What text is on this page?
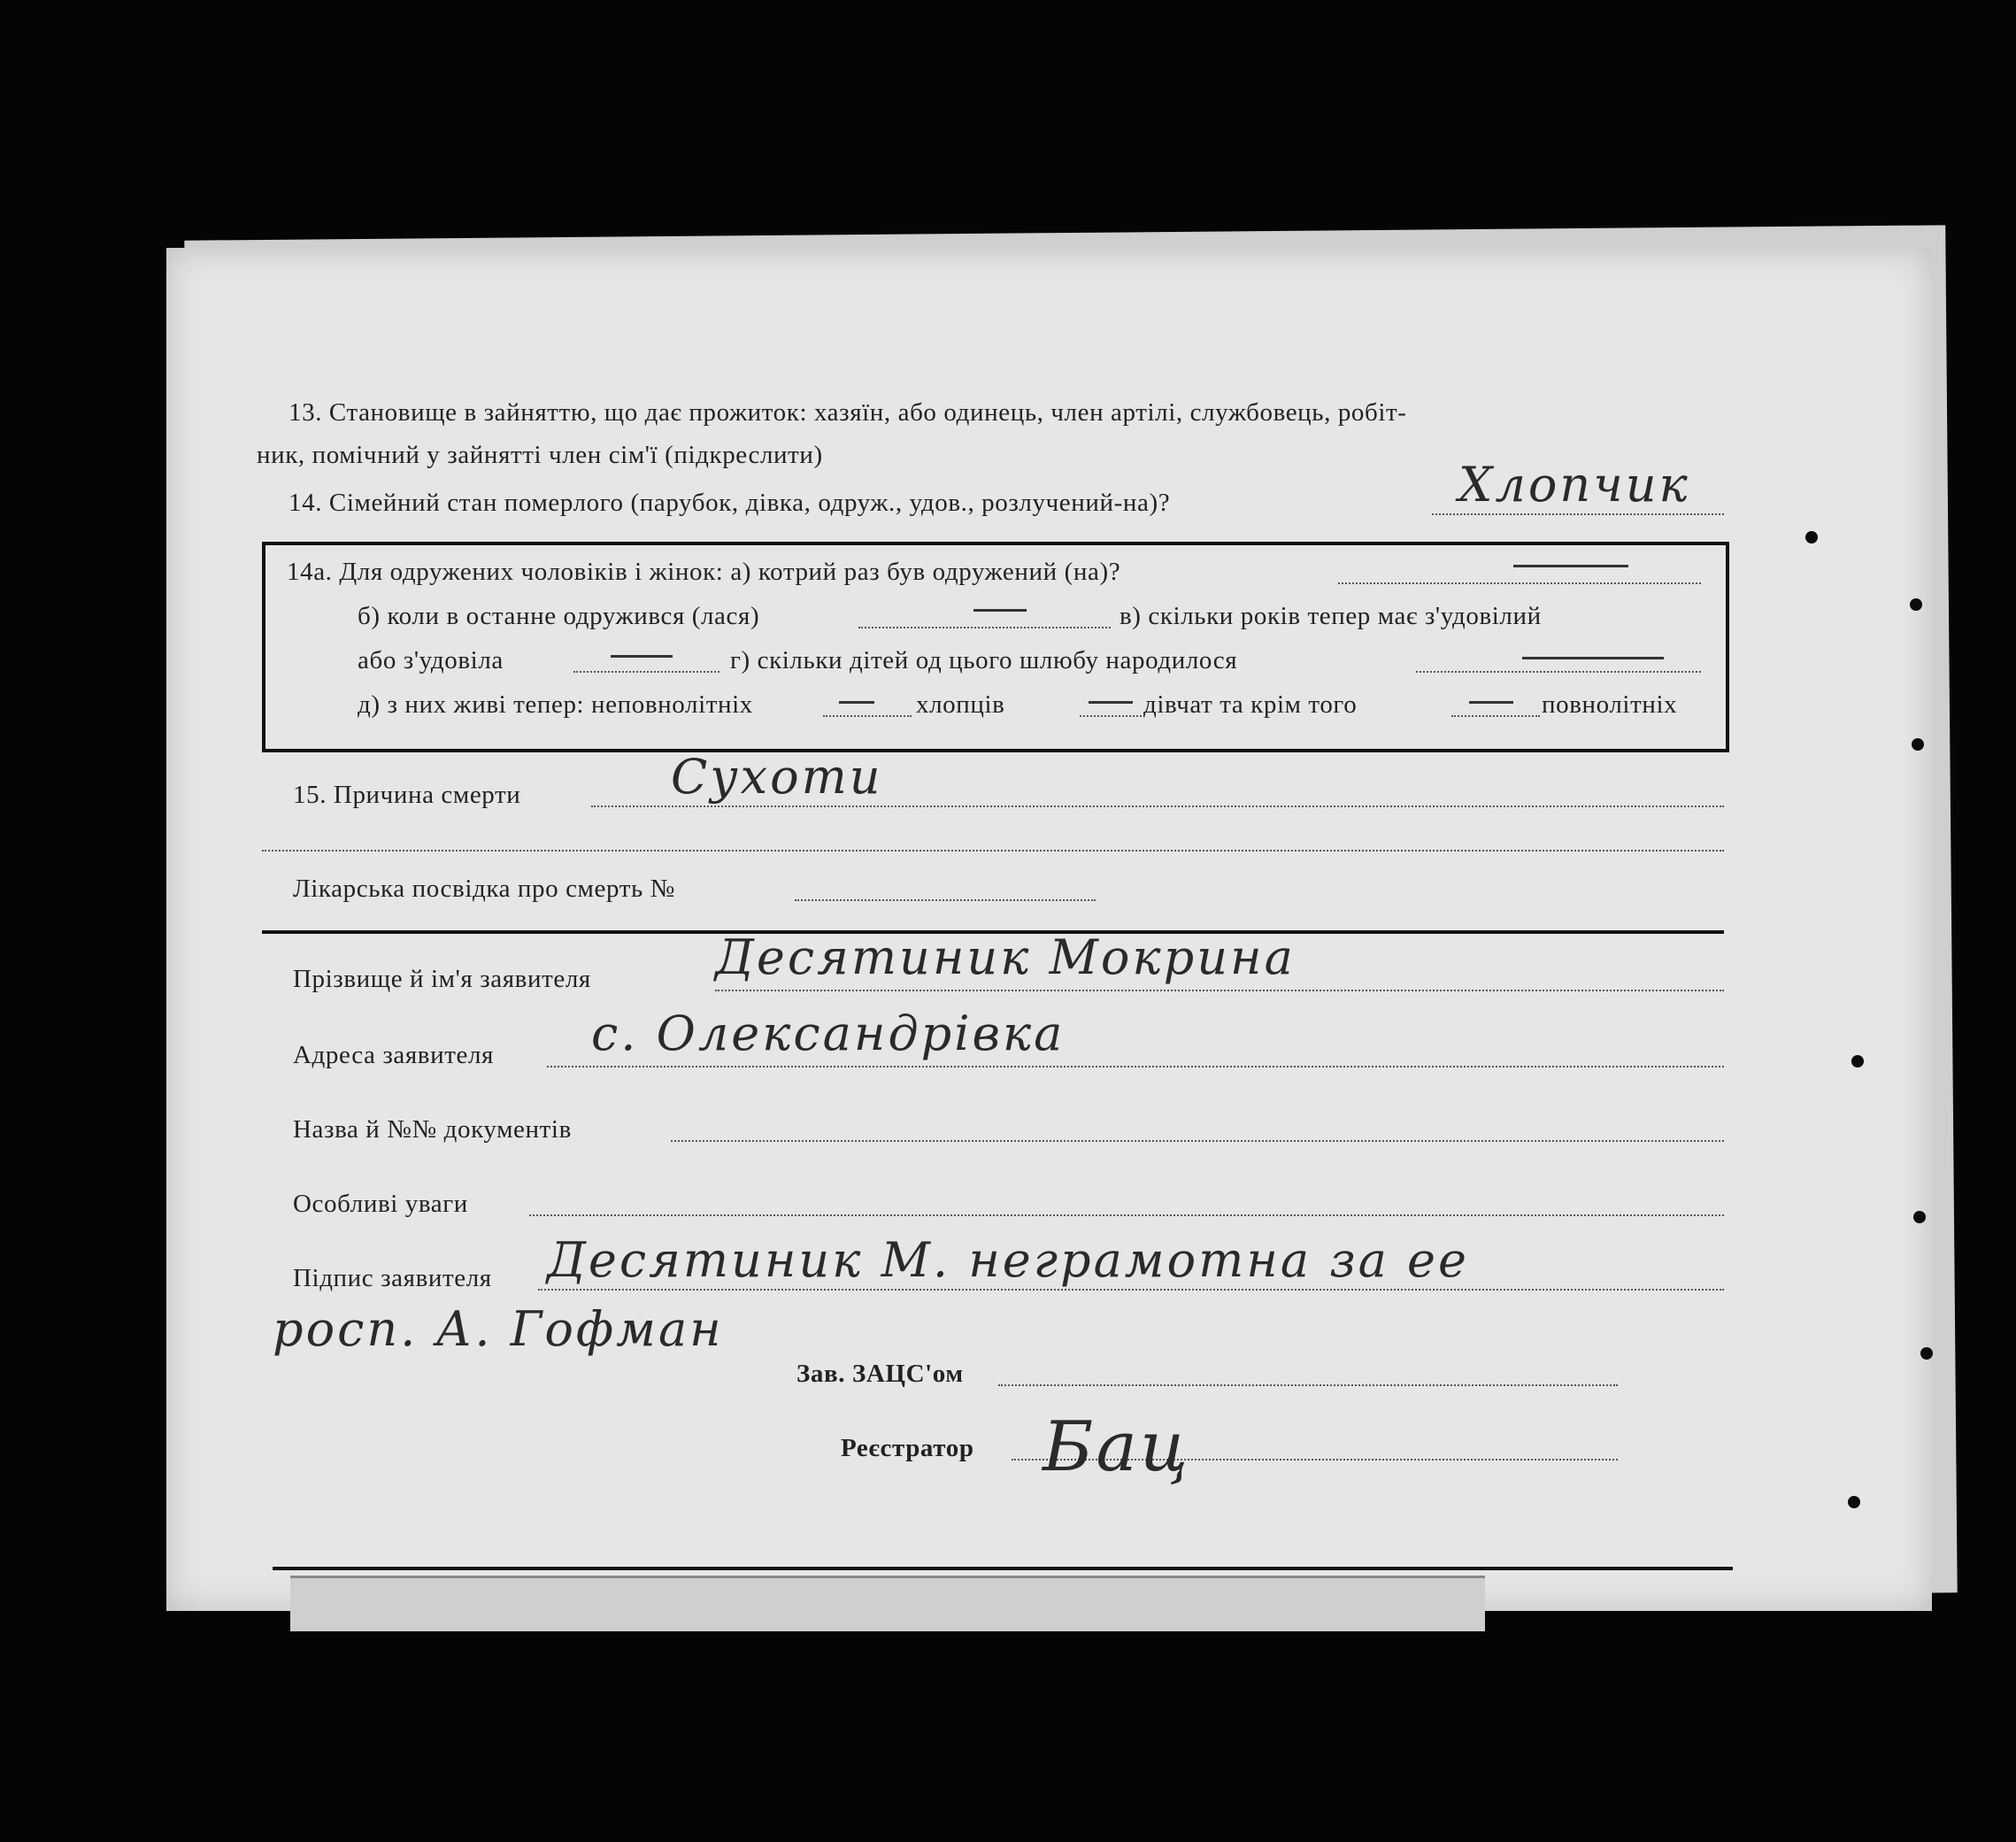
13. Становище в зайняттю, що дає прожиток: хазяїн, або одинець, член артілі, службовець, робіт-
ник, помічний у зайнятті член сім'ї (підкреслити)
14. Сімейний стан померлого (парубок, дівка, одруж., удов., розлучений-на)?	Хлопчик
14а. Для одружених чоловіків і жінок: а) котрий раз був одружений (на)?
б) коли в останне одружився (лася)	в) скільки років тепер має з'удовілий
або з'удовіла	г) скільки дітей од цього шлюбу народилося
д) з них живі тепер: неповнолітніх	хлопців	дівчат та крім того	повнолітніх
15. Причина смерти	Сухоти
Лікарська посвідка про смерть №
Прізвище й ім'я заявителя	Десятиник Мокрина
Адреса заявителя с. Олександрівка
Назва й №№ документів
Особливі уваги
Підпис заявителя Десятиник М. неграмотна за ее
росп. А. Гофман
Зав. ЗАЦС'ом
Реєстратор Бац
